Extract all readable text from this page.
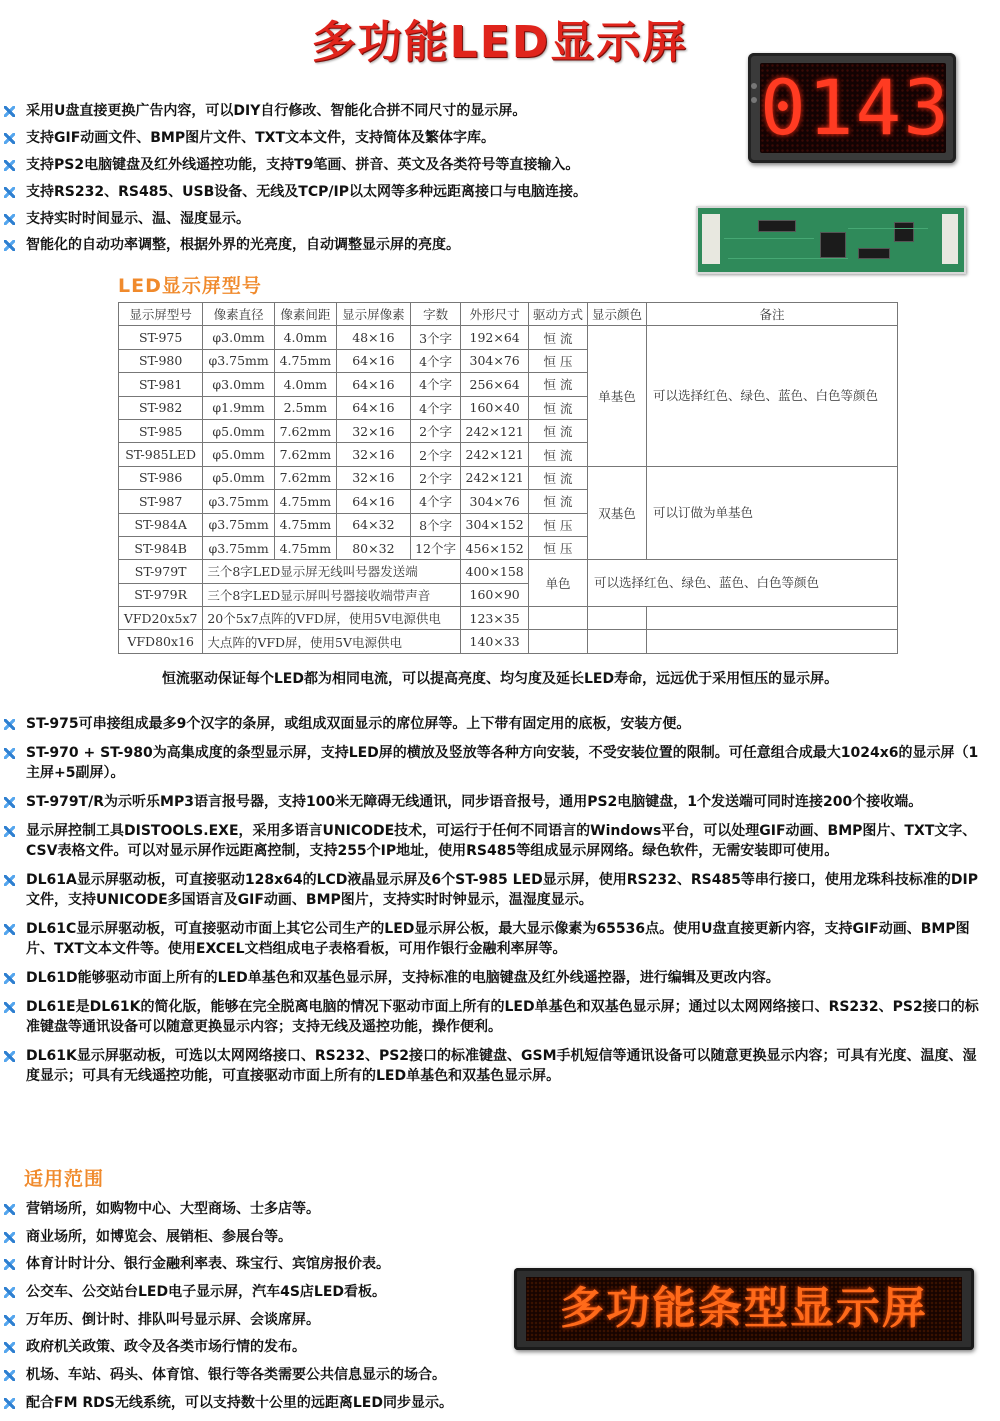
多功能LED显示屏
0143
采用U盘直接更换广告内容，可以DIY自行修改、智能化合拼不同尺寸的显示屏。
支持GIF动画文件、BMP图片文件、TXT文本文件，支持简体及繁体字库。
支持PS2电脑键盘及红外线遥控功能，支持T9笔画、拼音、英文及各类符号等直接输入。
支持RS232、RS485、USB设备、无线及TCP/IP以太网等多种远距离接口与电脑连接。
支持实时时间显示、温、湿度显示。
智能化的自动功率调整，根据外界的光亮度，自动调整显示屏的亮度。
LED显示屏型号
显示屏型号	像素直径	像素间距	显示屏像素	字数	外形尺寸	驱动方式	显示颜色	备注
ST-975	φ3.0mm	4.0mm	48×16	3个字	192×64	恒 流	单基色	可以选择红色、绿色、蓝色、白色等颜色
ST-980	φ3.75mm	4.75mm	64×16	4个字	304×76	恒 压		
ST-981	φ3.0mm	4.0mm	64×16	4个字	256×64	恒 流		
ST-982	φ1.9mm	2.5mm	64×16	4个字	160×40	恒 流		
ST-985	φ5.0mm	7.62mm	32×16	2个字	242×121	恒 流		
ST-985LED	φ5.0mm	7.62mm	32×16	2个字	242×121	恒 流		
ST-986	φ5.0mm	7.62mm	32×16	2个字	242×121	恒 流	双基色	可以订做为单基色
ST-987	φ3.75mm	4.75mm	64×16	4个字	304×76	恒 流		
ST-984A	φ3.75mm	4.75mm	64×32	8个字	304×152	恒 压		
ST-984B	φ3.75mm	4.75mm	80×32	12个字	456×152	恒 压		
ST-979T	三个8字LED显示屏无线叫号器发送端				400×158	单色	可以选择红色、绿色、蓝色、白色等颜色	
ST-979R	三个8字LED显示屏叫号器接收端带声音				160×90			
VFD20x5x7	20个5x7点阵的VFD屏，使用5V电源供电				123×35			
VFD80x16	大点阵的VFD屏，使用5V电源供电				140×33			
恒流驱动保证每个LED都为相同电流，可以提高亮度、均匀度及延长LED寿命，远远优于采用恒压的显示屏。
ST-975可串接组成最多9个汉字的条屏，或组成双面显示的席位屏等。上下带有固定用的底板，安装方便。
ST-970 + ST-980为高集成度的条型显示屏，支持LED屏的横放及竖放等各种方向安装，不受安装位置的限制。可任意组合成最大1024x6的显示屏（1主屏+5副屏）。
ST-979T/R为示听乐MP3语言报号器，支持100米无障碍无线通讯，同步语音报号，通用PS2电脑键盘，1个发送端可同时连接200个接收端。
显示屏控制工具DISTOOLS.EXE，采用多语言UNICODE技术，可运行于任何不同语言的Windows平台，可以处理GIF动画、BMP图片、TXT文字、CSV表格文件。可以对显示屏作远距离控制，支持255个IP地址，使用RS485等组成显示屏网络。绿色软件，无需安装即可使用。
DL61A显示屏驱动板，可直接驱动128x64的LCD液晶显示屏及6个ST-985 LED显示屏，使用RS232、RS485等串行接口，使用龙珠科技标准的DIP文件，支持UNICODE多国语言及GIF动画、BMP图片，支持实时时钟显示，温湿度显示。
DL61C显示屏驱动板，可直接驱动市面上其它公司生产的LED显示屏公板，最大显示像素为65536点。使用U盘直接更新内容，支持GIF动画、BMP图片、TXT文本文件等。使用EXCEL文档组成电子表格看板，可用作银行金融利率屏等。
DL61D能够驱动市面上所有的LED单基色和双基色显示屏，支持标准的电脑键盘及红外线遥控器，进行编辑及更改内容。
DL61E是DL61K的简化版，能够在完全脱离电脑的情况下驱动市面上所有的LED单基色和双基色显示屏；通过以太网网络接口、RS232、PS2接口的标准键盘等通讯设备可以随意更换显示内容；支持无线及遥控功能，操作便利。
DL61K显示屏驱动板，可选以太网网络接口、RS232、PS2接口的标准键盘、GSM手机短信等通讯设备可以随意更换显示内容；可具有光度、温度、湿度显示；可具有无线遥控功能，可直接驱动市面上所有的LED单基色和双基色显示屏。
适用范围
营销场所，如购物中心、大型商场、士多店等。
商业场所，如博览会、展销柜、参展台等。
体育计时计分、银行金融利率表、珠宝行、宾馆房报价表。
公交车、公交站台LED电子显示屏，汽车4S店LED看板。
万年历、倒计时、排队叫号显示屏、会谈席屏。
政府机关政策、政令及各类市场行情的发布。
机场、车站、码头、体育馆、银行等各类需要公共信息显示的场合。
配合FM RDS无线系统，可以支持数十公里的远距离LED同步显示。
多功能条型显示屏
